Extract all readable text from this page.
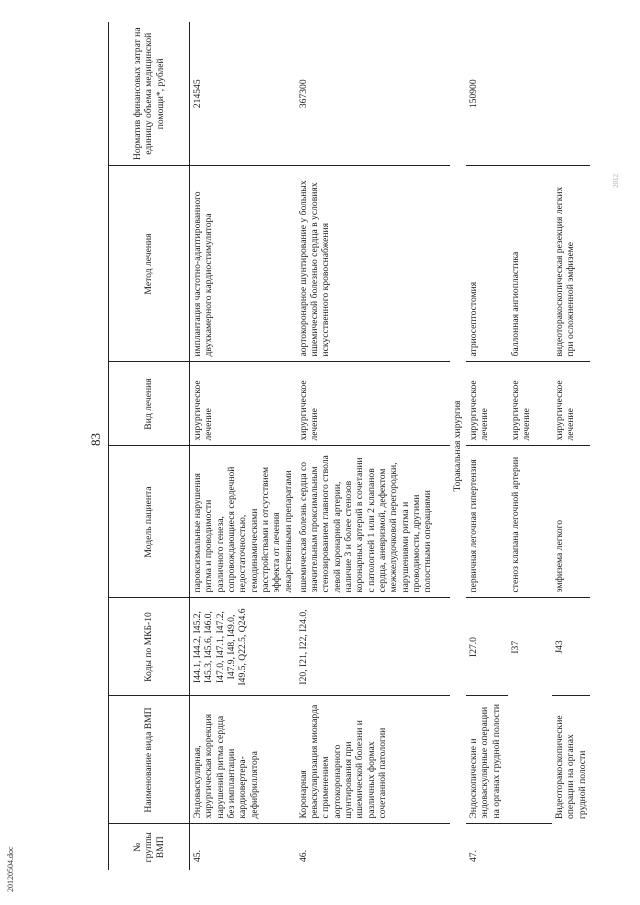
83
20120504.doc
2012
№ группы ВМП	Наименование вида ВМП	Коды по МКБ-10	Модель пациента	Вид лечения	Метод лечения	Норматив финансовых затрат на единицу объема медицинской помощи*, рублей
45.	Эндоваскулярная, хирургическая коррекция нарушений ритма сердца без имплантации кардиовертера-дефибриллятора	I44.1, I44.2, I45.2, I45.3, I45.6, I46.0, I47.0, I47.1, I47.2, I47.9, I48, I49.0, I49.5, Q22.5, Q24.6	пароксизмальные нарушения ритма и проводимости различного генеза, сопровождающиеся сердечной недостаточностью, гемодинамическими расстройствами и отсутствием эффекта от лечения лекарственными препаратами	хирургическое лечение	имплантация частотно-адаптированного двухкамерного кардиостимулятора	214545
46.	Коронарная реваскуляризация миокарда с применением аортокоронарного шунтирования при ишемической болезни и различных формах сочетанной патологии	I20, I21, I22, I24.0,	ишемическая болезнь сердца со значительным проксимальным стенозированием главного ствола левой коронарной артерии, наличие 3 и более стенозов коронарных артерий в сочетании с патологией 1 или 2 клапанов сердца, аневризмой, дефектом межжелудочковой перегородки, нарушениями ритма и проводимости, другими полостными операциями	хирургическое лечение	аортокоронарное шунтирование у больных ишемической болезнью сердца в условиях искусственного кровоснабжения	367300
Торакальная хирургия						
47.	Эндоскопические и эндоваскулярные операции на органах грудной полости	I27.0	первичная легочная гипертензия	хирургическое лечение	атриосептостомия	150900
		I37	стеноз клапана легочной артерии	хирургическое лечение	баллонная ангиопластика	
	Видеоторакоскопические операции на органах грудной полости	J43	эмфизема легкого	хирургическое лечение	видеоторакоскопическая резекция легких при осложненной эмфиземе	
